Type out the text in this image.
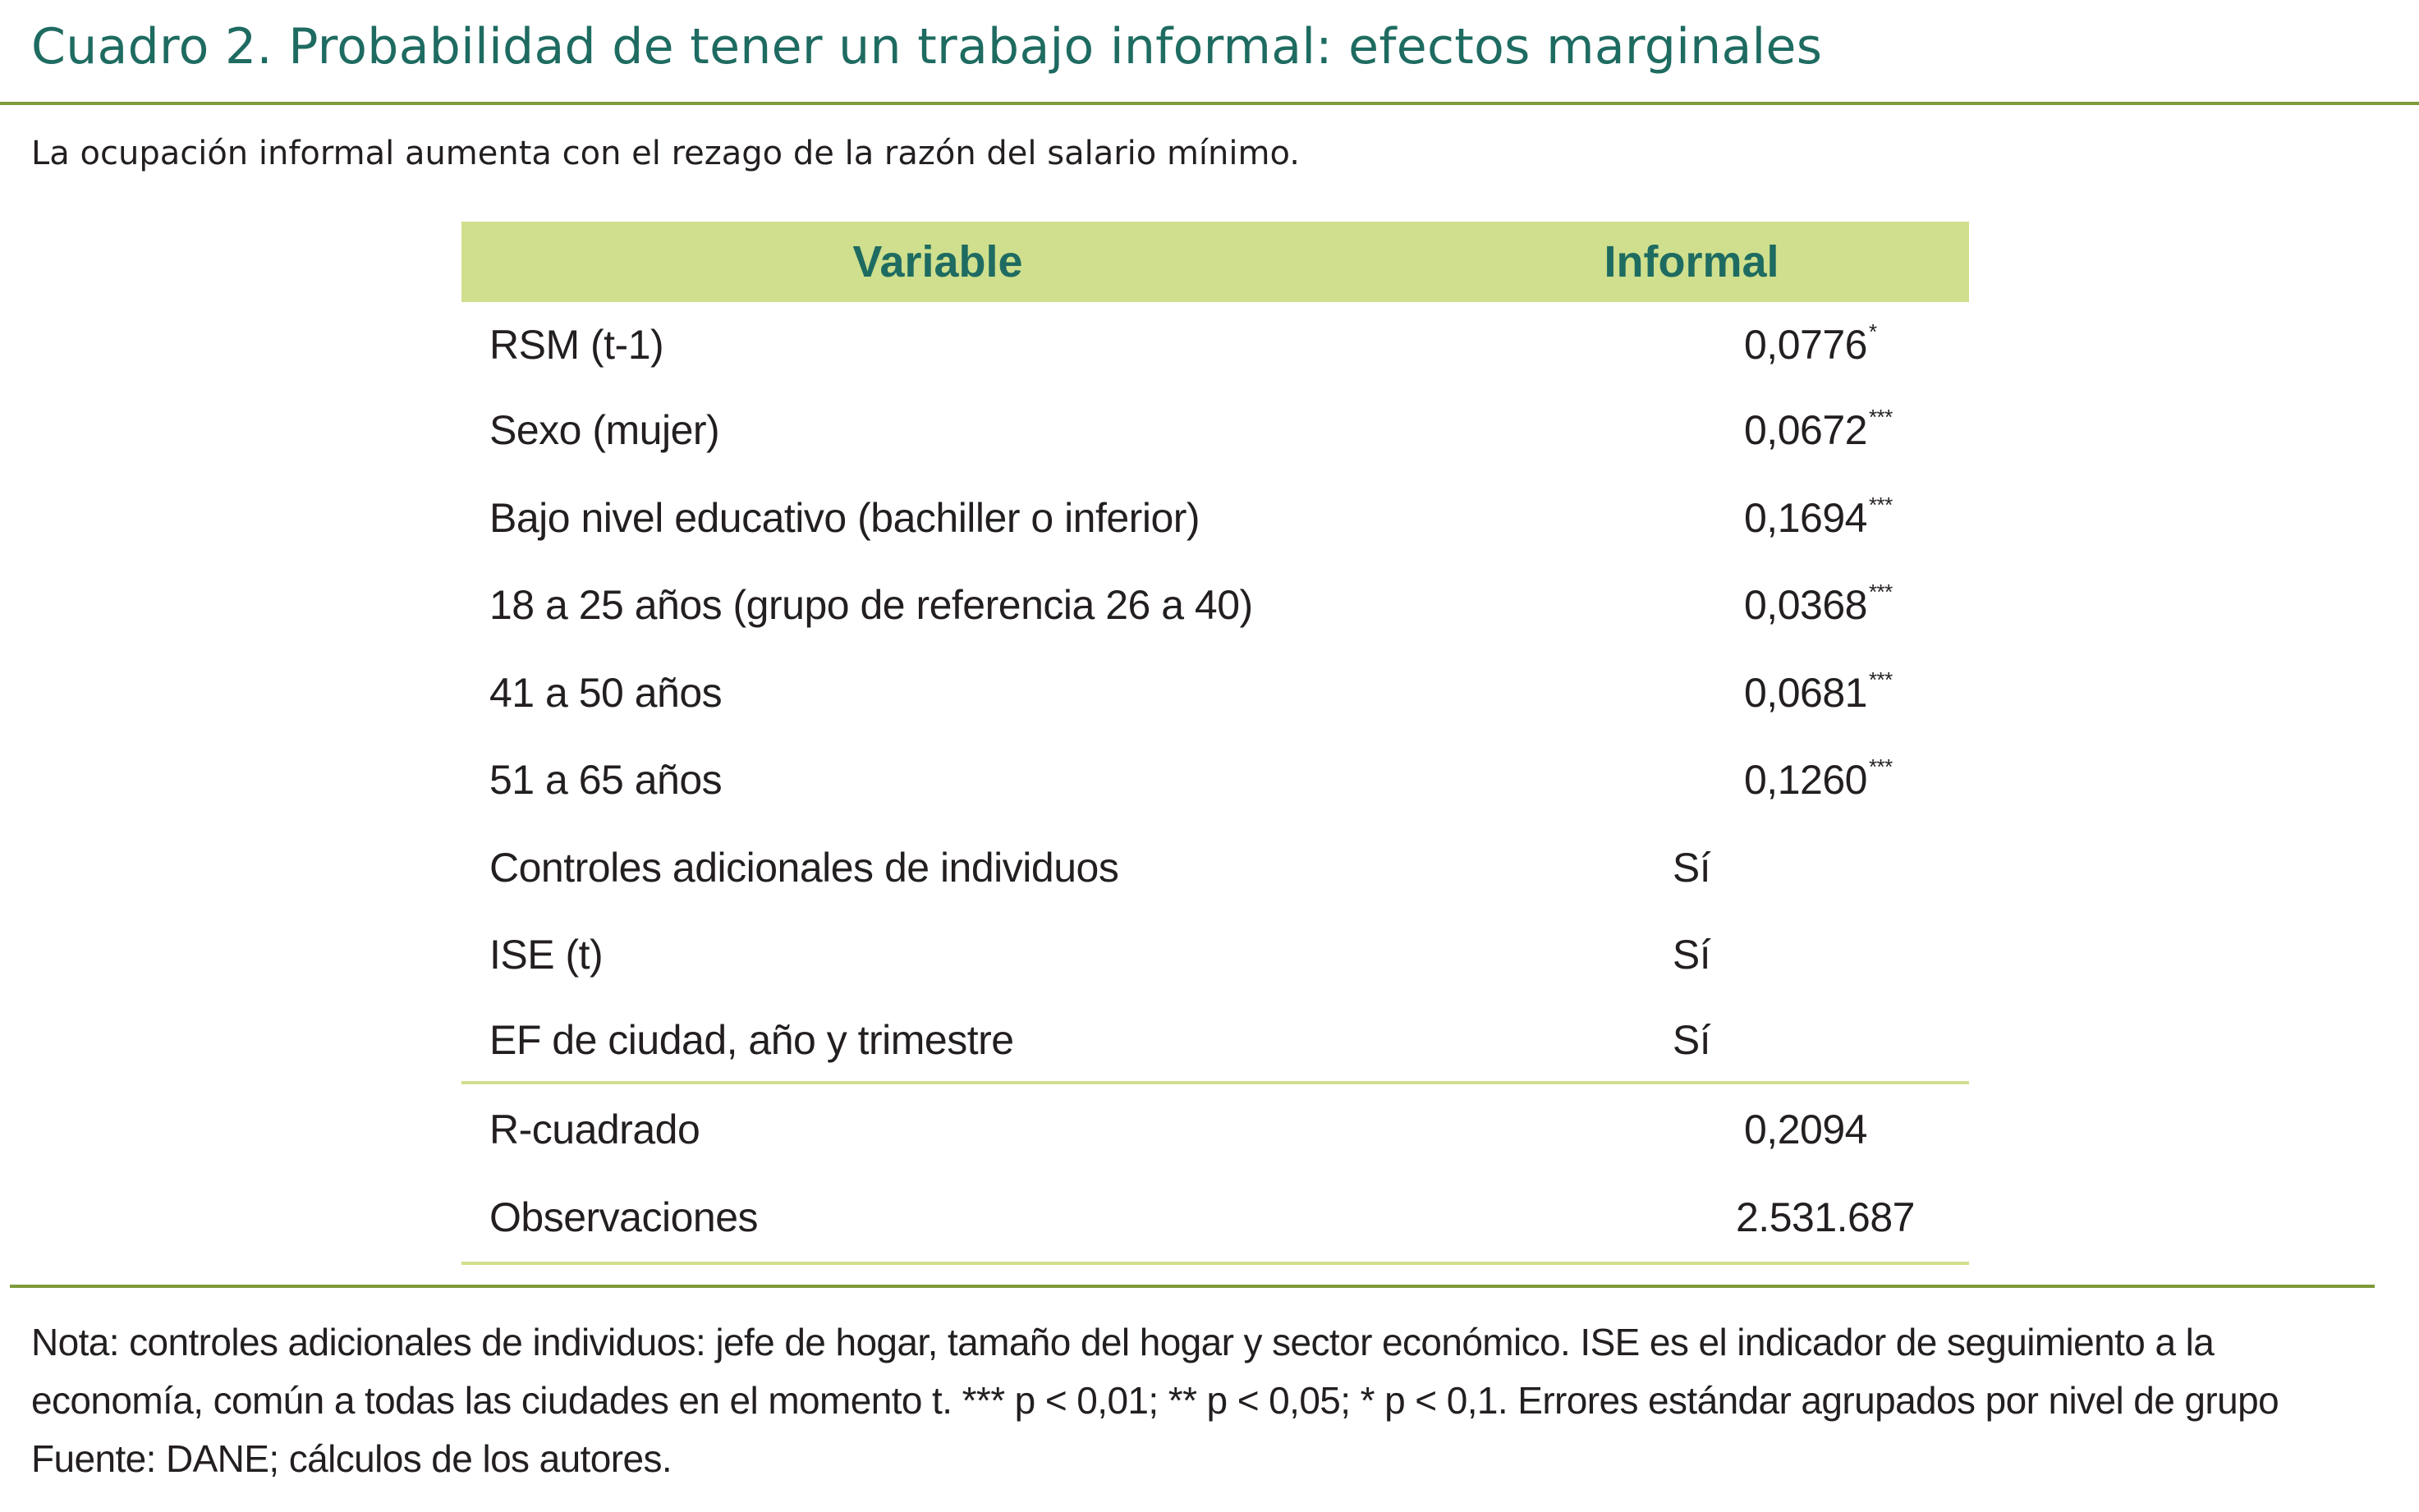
Cuadro 2. Probabilidad de tener un trabajo informal: efectos marginales
La ocupación informal aumenta con el rezago de la razón del salario mínimo.
Variable	Informal
RSM (t-1)	0,0776*
Sexo (mujer)	0,0672***
Bajo nivel educativo (bachiller o inferior)	0,1694***
18 a 25 años (grupo de referencia 26 a 40)	0,0368***
41 a 50 años	0,0681***
51 a 65 años	0,1260***
Controles adicionales de individuos	Sí
ISE (t)	Sí
EF de ciudad, año y trimestre	Sí
R-cuadrado	0,2094
Observaciones	2.531.687
Nota: controles adicionales de individuos: jefe de hogar, tamaño del hogar y sector económico. ISE es el indicador de seguimiento a la
economía, común a todas las ciudades en el momento t. *** p < 0,01; ** p < 0,05; * p < 0,1. Errores estándar agrupados por nivel de grupo
Fuente: DANE; cálculos de los autores.
